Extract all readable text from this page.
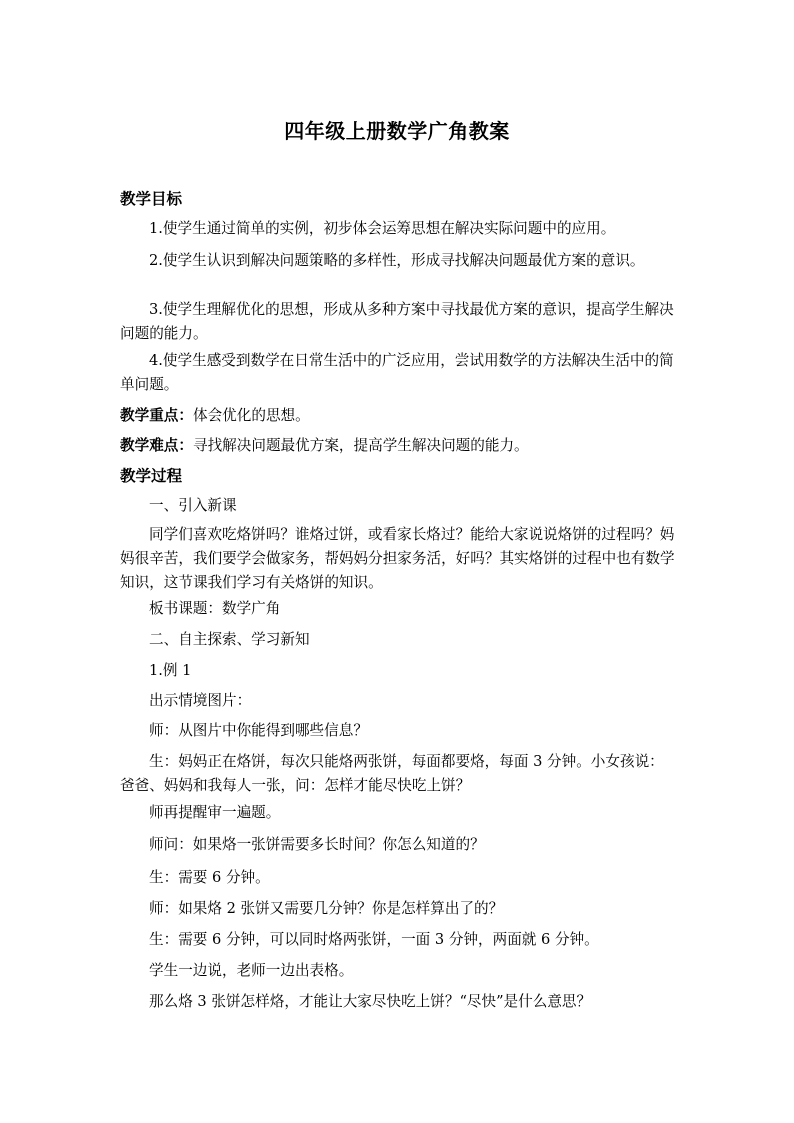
四年级上册数学广角教案

教学目标

1.使学生通过简单的实例，初步体会运筹思想在解决实际问题中的应用。

2.使学生认识到解决问题策略的多样性，形成寻找解决问题最优方案的意识。

3.使学生理解优化的思想，形成从多种方案中寻找最优方案的意识，提高学生解决问题的能力。

4.使学生感受到数学在日常生活中的广泛应用，尝试用数学的方法解决生活中的简单问题。

教学重点：体会优化的思想。

教学难点：寻找解决问题最优方案，提高学生解决问题的能力。

教学过程

一、引入新课

同学们喜欢吃烙饼吗？谁烙过饼，或看家长烙过？能给大家说说烙饼的过程吗？妈妈很辛苦，我们要学会做家务，帮妈妈分担家务活，好吗？其实烙饼的过程中也有数学知识，这节课我们学习有关烙饼的知识。

板书课题：数学广角

二、自主探索、学习新知

1.例 1

出示情境图片：

师：从图片中你能得到哪些信息？

生：妈妈正在烙饼，每次只能烙两张饼，每面都要烙，每面 3 分钟。小女孩说：爸爸、妈妈和我每人一张，问：怎样才能尽快吃上饼？

师再提醒审一遍题。

师问：如果烙一张饼需要多长时间？你怎么知道的？

生：需要 6 分钟。

师：如果烙 2 张饼又需要几分钟？你是怎样算出了的？

生：需要 6 分钟，可以同时烙两张饼，一面 3 分钟，两面就 6 分钟。

学生一边说，老师一边出表格。

那么烙 3 张饼怎样烙，才能让大家尽快吃上饼？“尽快”是什么意思？
